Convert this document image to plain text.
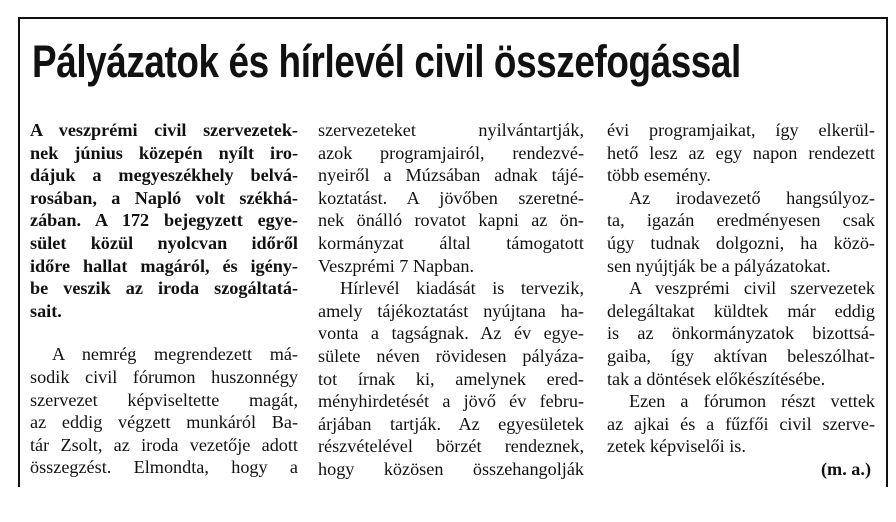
Pályázatok és hírlevél civil összefogással
A veszprémi civil szervezetek-
nek június közepén nyílt iro-
dájuk a megyeszékhely belvá-
rosában, a Napló volt székhá-
zában. A 172 bejegyzett egye-
sület közül nyolcvan időről
időre hallat magáról, és igény-
be veszik az iroda szogáltatá-
sait.
A nemrég megrendezett má-
sodik civil fórumon huszonnégy
szervezet képviseltette magát,
az eddig végzett munkáról Ba-
tár Zsolt, az iroda vezetője adott
összegzést. Elmondta, hogy a
szervezeteket nyilvántartják,
azok programjairól, rendezvé-
nyeiről a Múzsában adnak tájé-
koztatást. A jövőben szeretné-
nek önálló rovatot kapni az ön-
kormányzat által támogatott
Veszprémi 7 Napban.
Hírlevél kiadását is tervezik,
amely tájékoztatást nyújtana ha-
vonta a tagságnak. Az év egye-
sülete néven rövidesen pályáza-
tot írnak ki, amelynek ered-
ményhirdetését a jövő év febru-
árjában tartják. Az egyesületek
részvételével börzét rendeznek,
hogy közösen összehangolják
évi programjaikat, így elkerül-
hető lesz az egy napon rendezett
több esemény.
Az irodavezető hangsúlyoz-
ta, igazán eredményesen csak
úgy tudnak dolgozni, ha közö-
sen nyújtják be a pályázatokat.
A veszprémi civil szervezetek
delegáltakat küldtek már eddig
is az önkormányzatok bizottsá-
gaiba, így aktívan beleszólhat-
tak a döntések előkészítésébe.
Ezen a fórumon részt vettek
az ajkai és a fűzfői civil szerve-
zetek képviselői is.
(m. a.)
